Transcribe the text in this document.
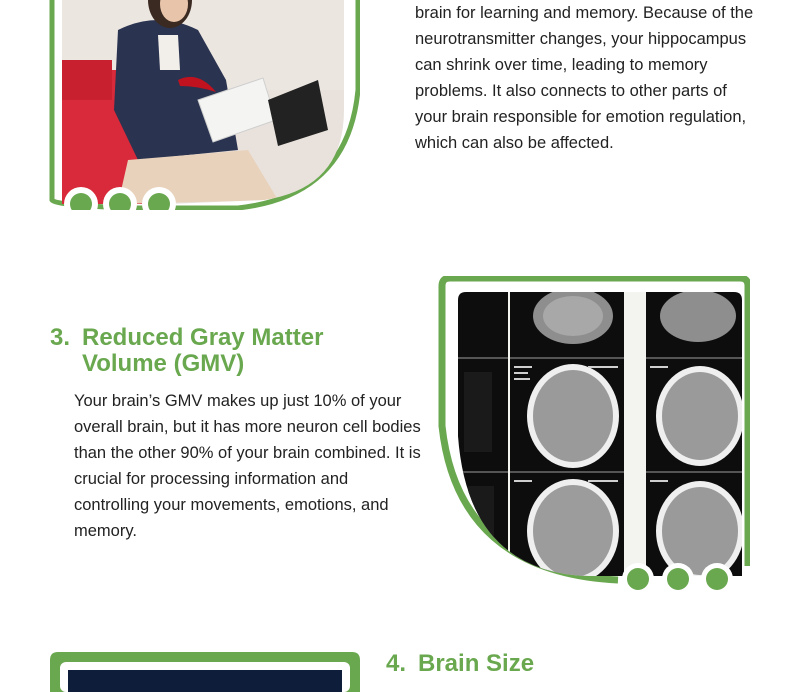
brain for learning and memory. Because of the neurotransmitter changes, your hippocampus can shrink over time, leading to memory problems. It also connects to other parts of your brain responsible for emotion regulation, which can also be affected.
3. Reduced Gray Matter Volume (GMV)
Your brain’s GMV makes up just 10% of your overall brain, but it has more neuron cell bodies than the other 90% of your brain combined. It is crucial for processing information and controlling your movements, emotions, and memory.
4. Brain Size
